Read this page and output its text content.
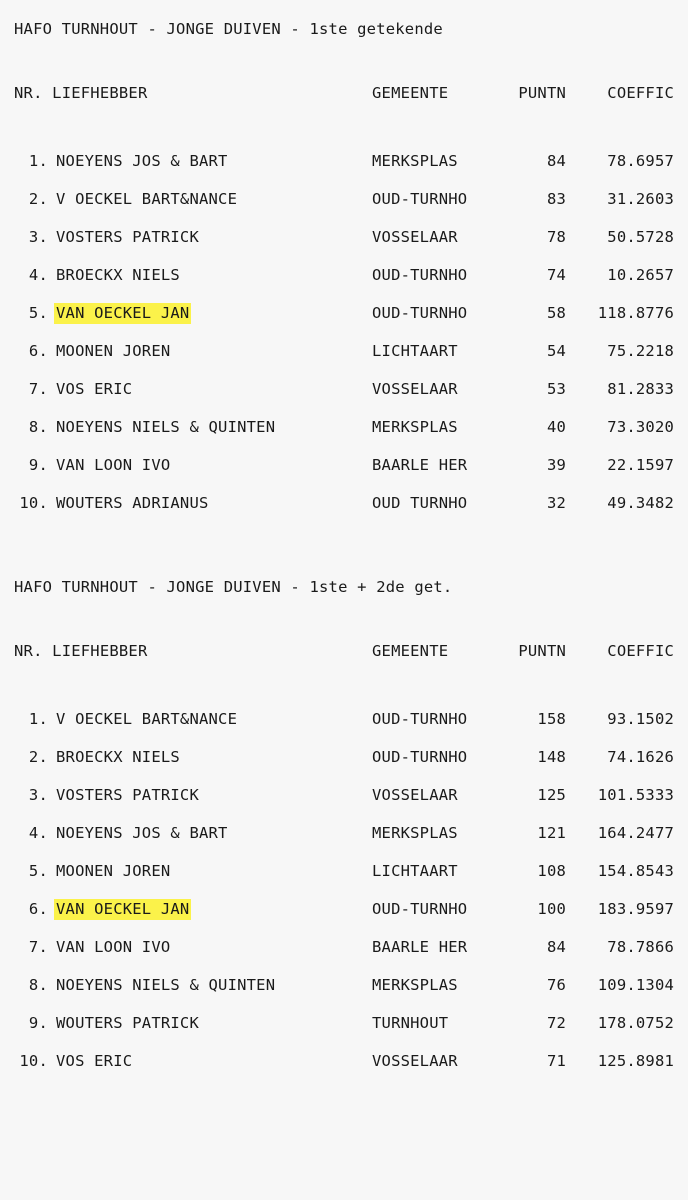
HAFO TURNHOUT - JONGE DUIVEN - 1ste getekende
NR. LIEFHEBBER		GEMEENTE	PUNTN	COEFFIC
1.	NOEYENS JOS & BART	MERKSPLAS	84	78.6957
2.	V OECKEL BART&NANCE	OUD-TURNHO	83	31.2603
3.	VOSTERS PATRICK	VOSSELAAR	78	50.5728
4.	BROECKX NIELS	OUD-TURNHO	74	10.2657
5.	VAN OECKEL JAN	OUD-TURNHO	58	118.8776
6.	MOONEN JOREN	LICHTAART	54	75.2218
7.	VOS ERIC	VOSSELAAR	53	81.2833
8.	NOEYENS NIELS & QUINTEN	MERKSPLAS	40	73.3020
9.	VAN LOON IVO	BAARLE HER	39	22.1597
10.	WOUTERS ADRIANUS	OUD TURNHO	32	49.3482
HAFO TURNHOUT - JONGE DUIVEN - 1ste + 2de get.
NR. LIEFHEBBER		GEMEENTE	PUNTN	COEFFIC
1.	V OECKEL BART&NANCE	OUD-TURNHO	158	93.1502
2.	BROECKX NIELS	OUD-TURNHO	148	74.1626
3.	VOSTERS PATRICK	VOSSELAAR	125	101.5333
4.	NOEYENS JOS & BART	MERKSPLAS	121	164.2477
5.	MOONEN JOREN	LICHTAART	108	154.8543
6.	VAN OECKEL JAN	OUD-TURNHO	100	183.9597
7.	VAN LOON IVO	BAARLE HER	84	78.7866
8.	NOEYENS NIELS & QUINTEN	MERKSPLAS	76	109.1304
9.	WOUTERS PATRICK	TURNHOUT	72	178.0752
10.	VOS ERIC	VOSSELAAR	71	125.8981
